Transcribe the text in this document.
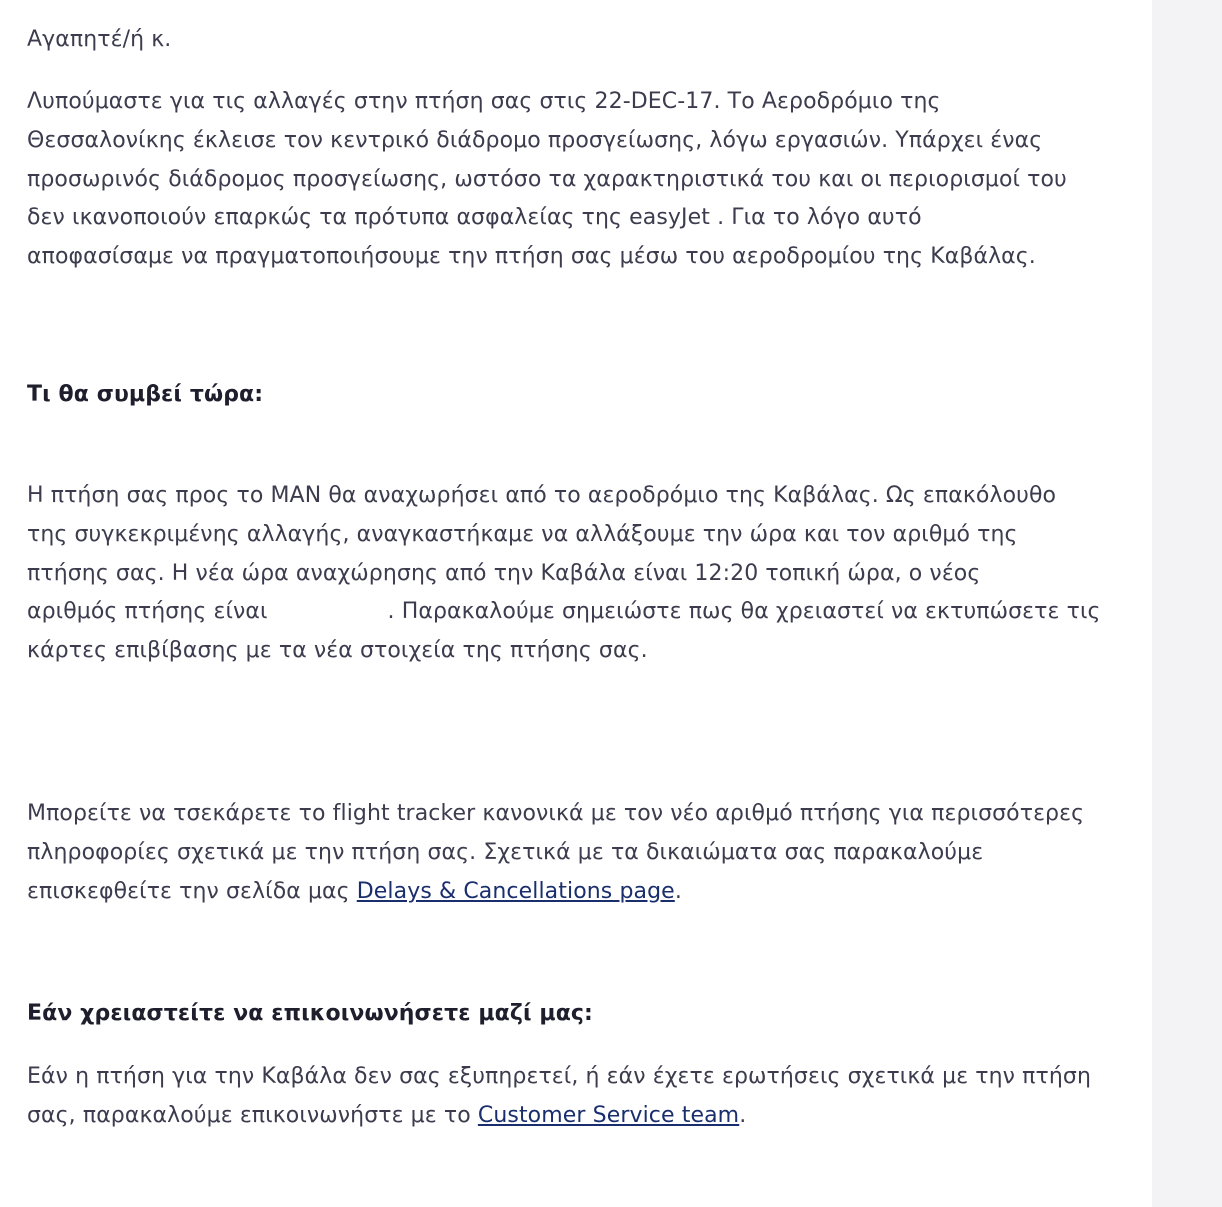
Αγαπητέ/ή κ.

Λυπούμαστε για τις αλλαγές στην πτήση σας στις 22-DEC-17. Το Αεροδρόμιο της

Θεσσαλονίκης έκλεισε τον κεντρικό διάδρομο προσγείωσης, λόγω εργασιών. Υπάρχει ένας

προσωρινός διάδρομος προσγείωσης, ωστόσο τα χαρακτηριστικά του και οι περιορισμοί του

δεν ικανοποιούν επαρκώς τα πρότυπα ασφαλείας της easyJet . Για το λόγο αυτό

αποφασίσαμε να πραγματοποιήσουμε την πτήση σας μέσω του αεροδρομίου της Καβάλας.

Τι θα συμβεί τώρα:

Η πτήση σας προς το MAN θα αναχωρήσει από το αεροδρόμιο της Καβάλας. Ως επακόλουθο

της συγκεκριμένης αλλαγής, αναγκαστήκαμε να αλλάξουμε την ώρα και τον αριθμό της

πτήσης σας. Η νέα ώρα αναχώρησης από την Καβάλα είναι 12:20 τοπική ώρα, ο νέος

αριθμός πτήσης είναι	. Παρακαλούμε σημειώστε πως θα χρειαστεί να εκτυπώσετε τις

κάρτες επιβίβασης με τα νέα στοιχεία της πτήσης σας.

Μπορείτε να τσεκάρετε το flight tracker κανονικά με τον νέο αριθμό πτήσης για περισσότερες

πληροφορίες σχετικά με την πτήση σας. Σχετικά με τα δικαιώματα σας παρακαλούμε

επισκεφθείτε την σελίδα μας Delays & Cancellations page.

Εάν χρειαστείτε να επικοινωνήσετε μαζί μας:

Εάν η πτήση για την Καβάλα δεν σας εξυπηρετεί, ή εάν έχετε ερωτήσεις σχετικά με την πτήση

σας, παρακαλούμε επικοινωνήστε με το Customer Service team.
